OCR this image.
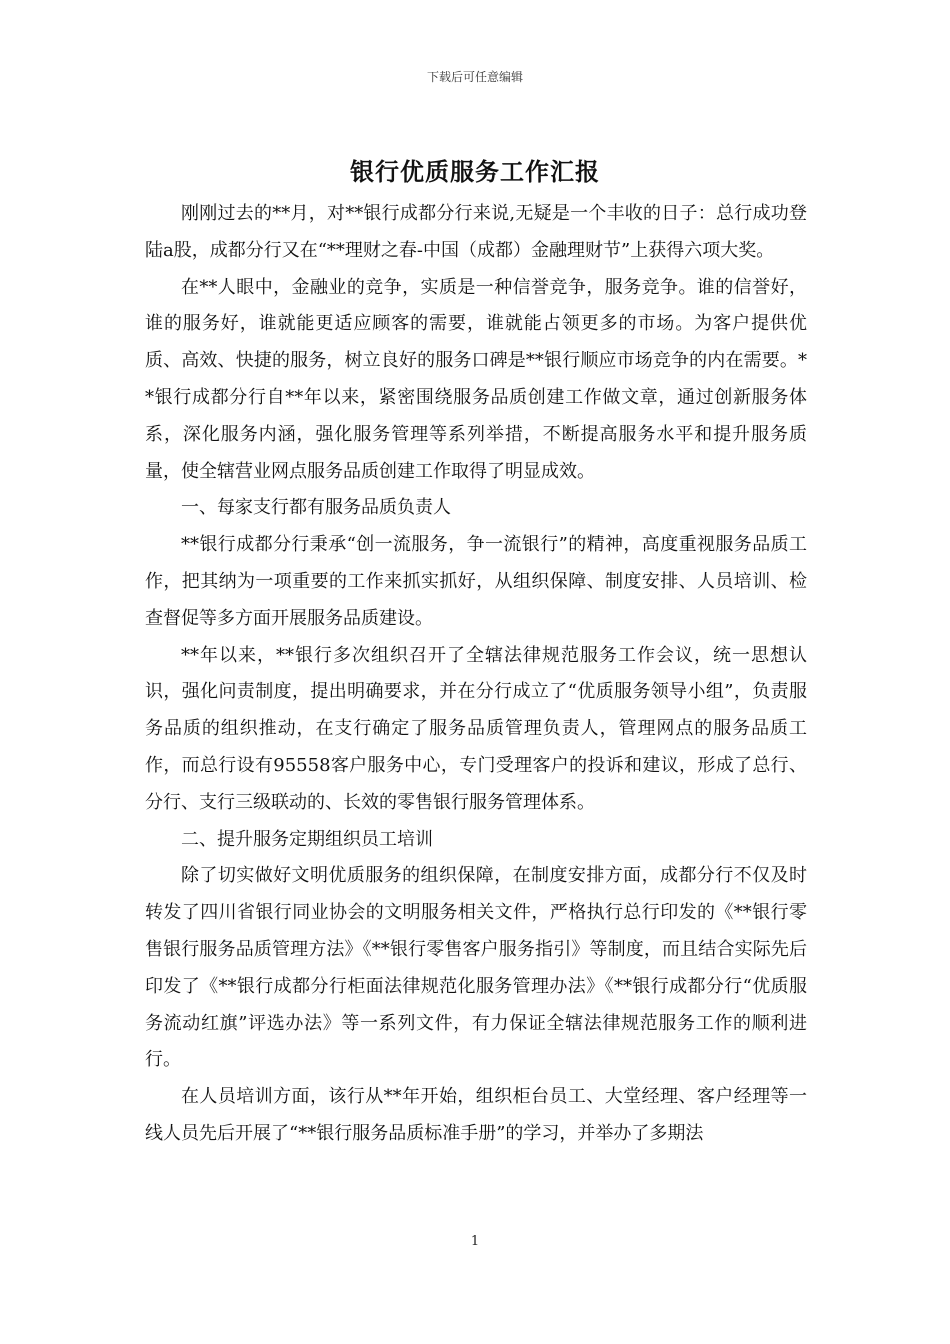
下载后可任意编辑
银行优质服务工作汇报

刚刚过去的**月，对**银行成都分行来说,无疑是一个丰收的日子：总行成功登陆a股，成都分行又在“**理财之春-中国（成都）金融理财节”上获得六项大奖。

在**人眼中，金融业的竞争，实质是一种信誉竞争，服务竞争。谁的信誉好，谁的服务好，谁就能更适应顾客的需要，谁就能占领更多的市场。为客户提供优质、高效、快捷的服务，树立良好的服务口碑是**银行顺应市场竞争的内在需要。**银行成都分行自**年以来，紧密围绕服务品质创建工作做文章，通过创新服务体系，深化服务内涵，强化服务管理等系列举措，不断提高服务水平和提升服务质量，使全辖营业网点服务品质创建工作取得了明显成效。

一、每家支行都有服务品质负责人

**银行成都分行秉承“创一流服务，争一流银行”的精神，高度重视服务品质工作，把其纳为一项重要的工作来抓实抓好，从组织保障、制度安排、人员培训、检查督促等多方面开展服务品质建设。

**年以来，**银行多次组织召开了全辖法律规范服务工作会议，统一思想认识，强化问责制度，提出明确要求，并在分行成立了“优质服务领导小组”，负责服务品质的组织推动，在支行确定了服务品质管理负责人，管理网点的服务品质工作，而总行设有95558客户服务中心，专门受理客户的投诉和建议，形成了总行、分行、支行三级联动的、长效的零售银行服务管理体系。

二、提升服务定期组织员工培训

除了切实做好文明优质服务的组织保障，在制度安排方面，成都分行不仅及时转发了四川省银行同业协会的文明服务相关文件，严格执行总行印发的《**银行零售银行服务品质管理方法》《**银行零售客户服务指引》等制度，而且结合实际先后印发了《**银行成都分行柜面法律规范化服务管理办法》《**银行成都分行“优质服务流动红旗”评选办法》等一系列文件，有力保证全辖法律规范服务工作的顺利进行。

在人员培训方面，该行从**年开始，组织柜台员工、大堂经理、客户经理等一线人员先后开展了“**银行服务品质标准手册”的学习，并举办了多期法

1
